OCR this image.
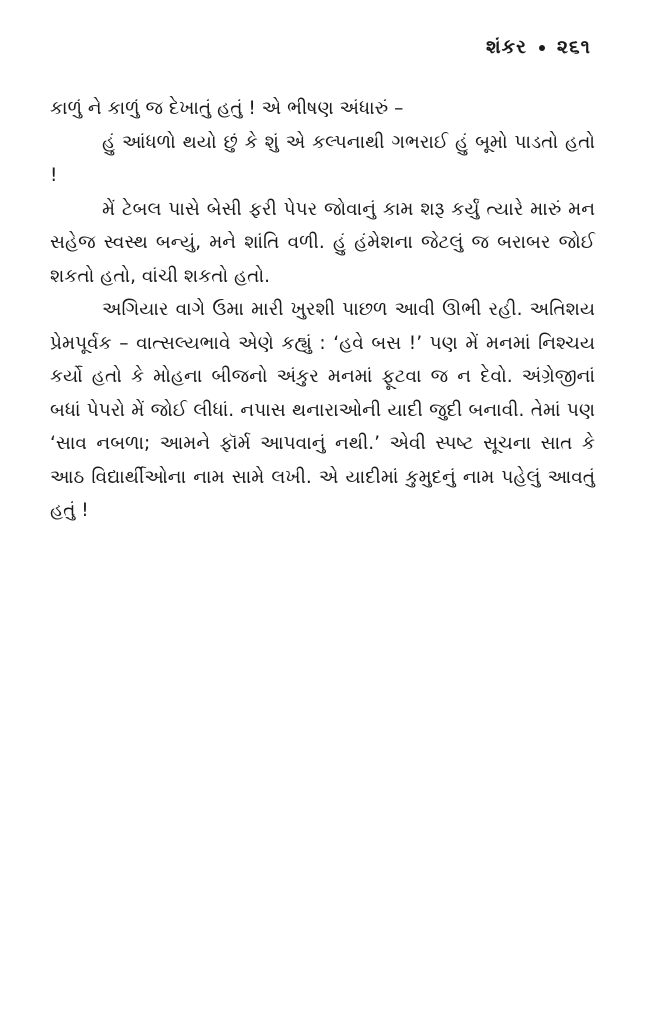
શંકર ૨૬૧

કાળું ને કાળું જ દેખાતું હતું ! એ ભીષણ અંધારું –

હું આંધળો થયો છું કે શું એ કલ્પનાથી ગભરાઈ હું બૂમો પાડતો હતો !

મેં ટેબલ પાસે બેસી ફરી પેપર જોવાનું કામ શરૂ કર્યું ત્યારે મારું મન સહેજ સ્વસ્થ બન્યું, મને શાંતિ વળી. હું હંમેશના જેટલું જ બરાબર જોઈ શકતો હતો, વાંચી શકતો હતો.

અગિયાર વાગે ઉમા મારી ખુરશી પાછળ આવી ઊભી રહી. અતિશય પ્રેમપૂર્વક – વાત્સલ્યભાવે એણે કહ્યું : ‘હવે બસ !’ પણ મેં મનમાં નિશ્ચય કર્યો હતો કે મોહના બીજનો અંકુર મનમાં ફૂટવા જ ન દેવો. અંગ્રેજીનાં બધાં પેપરો મેં જોઈ લીધાં. નપાસ થનારાઓની યાદી જુદી બનાવી. તેમાં પણ ‘સાવ નબળા; આમને ફૉર્મ આપવાનું નથી.’ એવી સ્પષ્ટ સૂચના સાત કે આઠ વિદ્યાર્થીઓના નામ સામે લખી. એ યાદીમાં કુમુદનું નામ પહેલું આવતું હતું !
